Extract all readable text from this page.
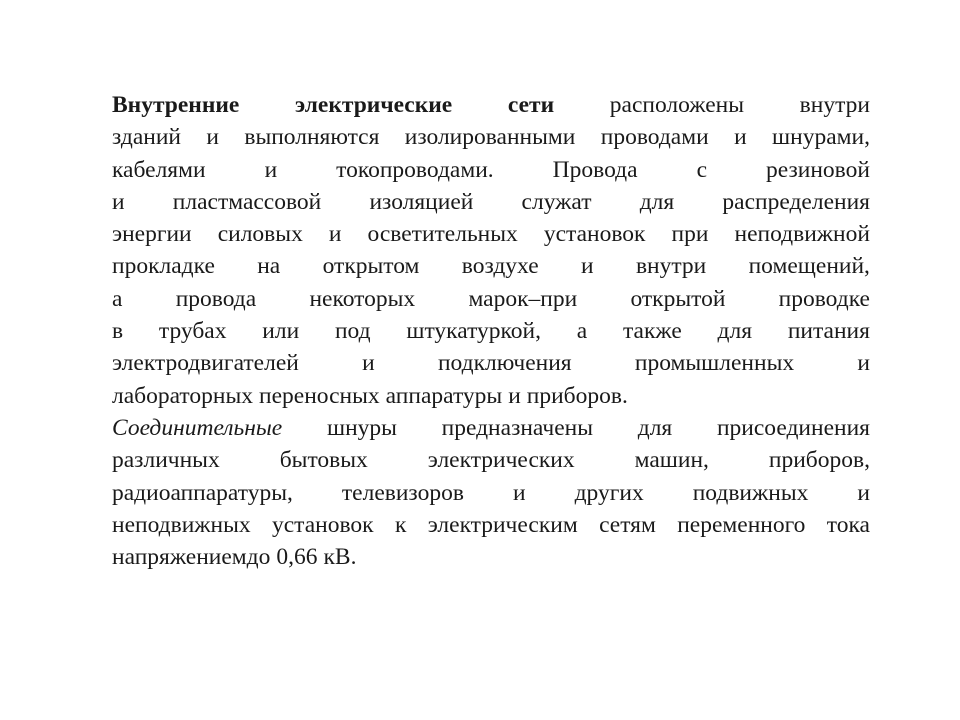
Внутренние электрические сети расположены внутри
зданий и выполняются изолированными проводами и шнурами,
кабелями	и	токопроводами.	Провода	с	резиновой
и пластмассовой изоляцией служат для распределения
энергии силовых и осветительных установок при неподвижной
прокладке на открытом воздухе и внутри помещений,
а провода некоторых марок–при открытой проводке
в трубах или под штукатуркой, а также для питания
электродвигателей	и	подключения	промышленных	и
лабораторных переносных аппаратуры и приборов.
Соединительные шнуры предназначены для присоединения
различных	бытовых	электрических	машин,	приборов,
радиоаппаратуры, телевизоров и других подвижных и
неподвижных установок к электрическим сетям переменного тока
напряжениемдо 0,66 кВ.
